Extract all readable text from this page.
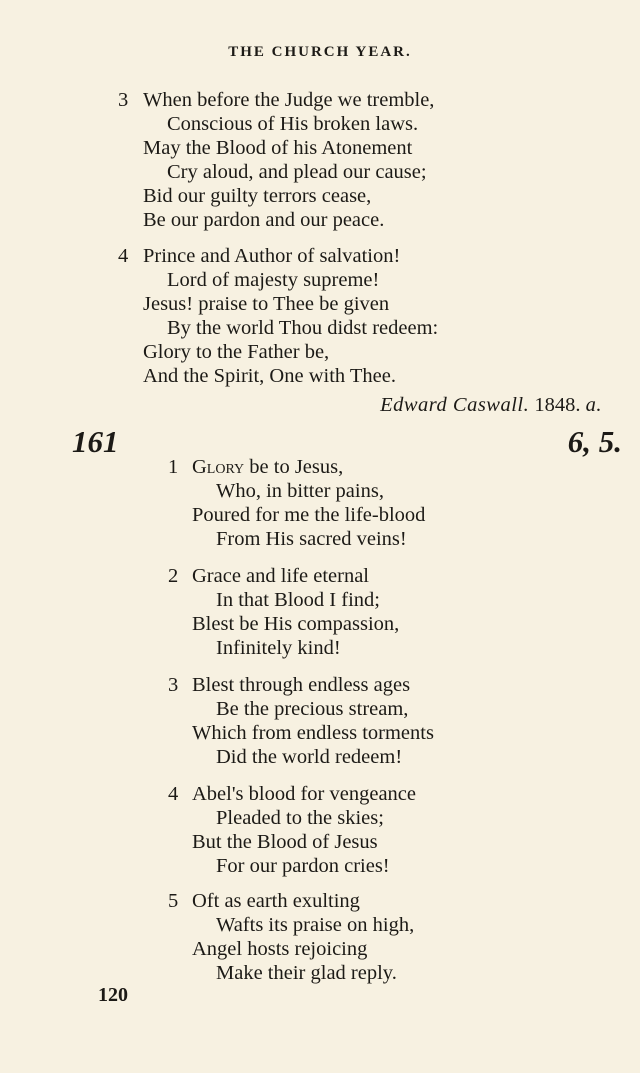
THE CHURCH YEAR.
3 When before the Judge we tremble,
Conscious of His broken laws.
May the Blood of his Atonement
Cry aloud, and plead our cause;
Bid our guilty terrors cease,
Be our pardon and our peace.
4 Prince and Author of salvation!
Lord of majesty supreme!
Jesus! praise to Thee be given
By the world Thou didst redeem:
Glory to the Father be,
And the Spirit, One with Thee.
Edward Caswall. 1848. a.
161	6, 5.
1 Glory be to Jesus,
Who, in bitter pains,
Poured for me the life-blood
From His sacred veins!
2 Grace and life eternal
In that Blood I find;
Blest be His compassion,
Infinitely kind!
3 Blest through endless ages
Be the precious stream,
Which from endless torments
Did the world redeem!
4 Abel's blood for vengeance
Pleaded to the skies;
But the Blood of Jesus
For our pardon cries!
5 Oft as earth exulting
Wafts its praise on high,
Angel hosts rejoicing
Make their glad reply.
120
